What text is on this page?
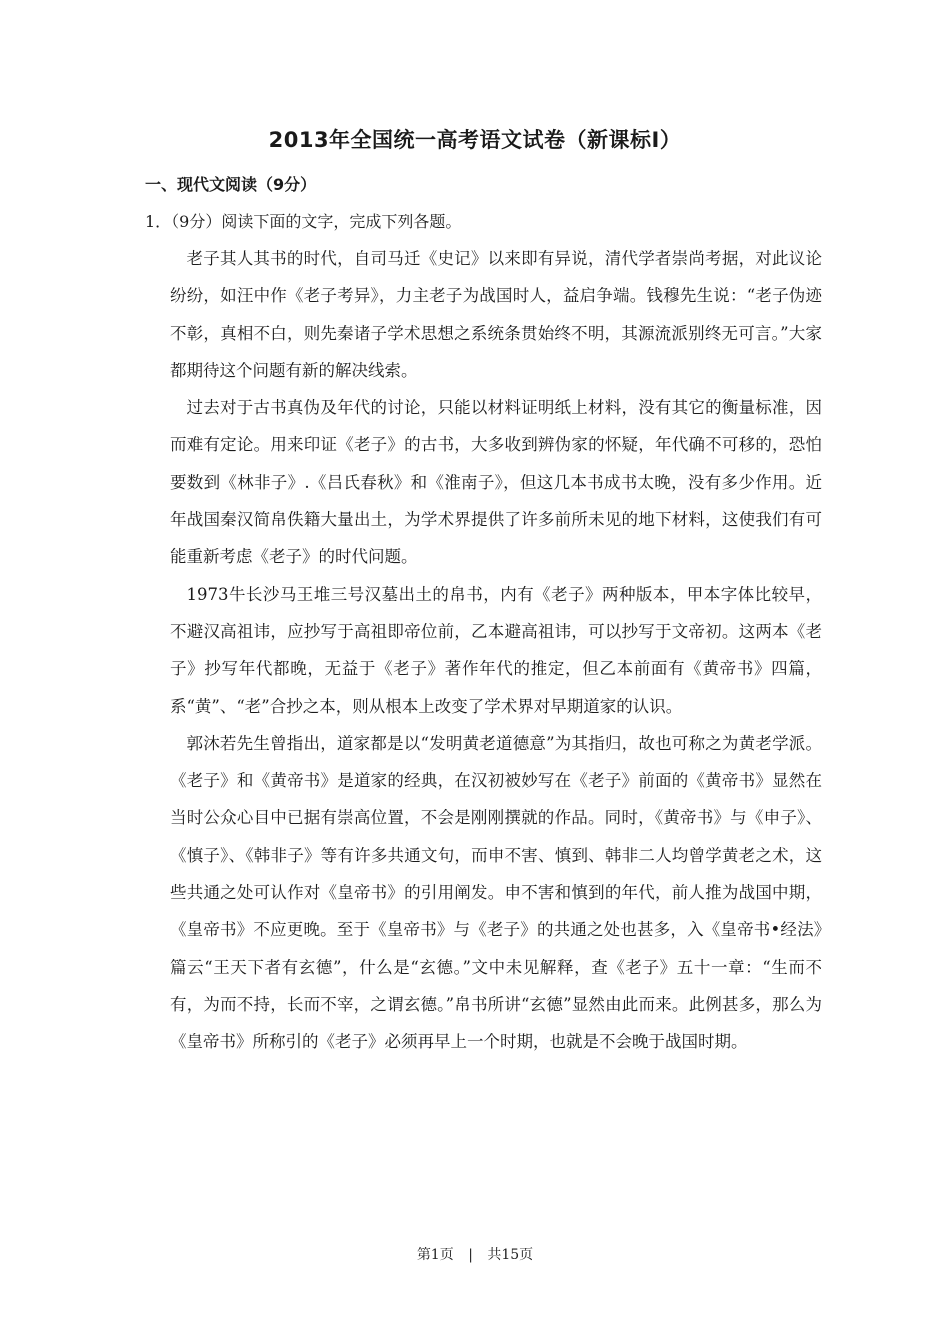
2013年全国统一高考语文试卷（新课标Ⅰ）
一、现代文阅读（9分）
1．（9分）阅读下面的文字，完成下列各题。

老子其人其书的时代，自司马迁《史记》以来即有异说，清代学者崇尚考据，对此议论纷纷，如汪中作《老子考异》，力主老子为战国时人，益启争端。钱穆先生说：“老子伪迹不彰，真相不白，则先秦诸子学术思想之系统条贯始终不明，其源流派别终无可言。”大家都期待这个问题有新的解决线索。

过去对于古书真伪及年代的讨论，只能以材料证明纸上材料，没有其它的衡量标准，因而难有定论。用来印证《老子》的古书，大多收到辨伪家的怀疑，年代确不可移的，恐怕要数到《林非子》.《吕氏春秋》和《淮南子》，但这几本书成书太晚，没有多少作用。近年战国秦汉简帛佚籍大量出土，为学术界提供了许多前所未见的地下材料，这使我们有可能重新考虑《老子》的时代问题。

1973牛长沙马王堆三号汉墓出土的帛书，内有《老子》两种版本，甲本字体比较早，不避汉高祖讳，应抄写于高祖即帝位前，乙本避高祖讳，可以抄写于文帝初。这两本《老子》抄写年代都晚，无益于《老子》著作年代的推定，但乙本前面有《黄帝书》四篇，系“黄”、“老”合抄之本，则从根本上改变了学术界对早期道家的认识。

郭沐若先生曾指出，道家都是以“发明黄老道德意”为其指归，故也可称之为黄老学派。《老子》和《黄帝书》是道家的经典，在汉初被妙写在《老子》前面的《黄帝书》显然在当时公众心目中已据有崇高位置，不会是刚刚撰就的作品。同时，《黄帝书》与《申子》、《慎子》、《韩非子》等有许多共通文句，而申不害、慎到、韩非二人均曾学黄老之术，这些共通之处可认作对《皇帝书》的引用阐发。申不害和慎到的年代，前人推为战国中期，《皇帝书》不应更晚。至于《皇帝书》与《老子》的共通之处也甚多，入《皇帝书•经法》篇云“王天下者有玄德”，什么是“玄德。”文中未见解释，查《老子》五十一章：“生而不有，为而不持，长而不宰，之谓玄德。”帛书所讲“玄德”显然由此而来。此例甚多，那么为《皇帝书》所称引的《老子》必须再早上一个时期，也就是不会晚于战国时期。

第1页 | 共15页
